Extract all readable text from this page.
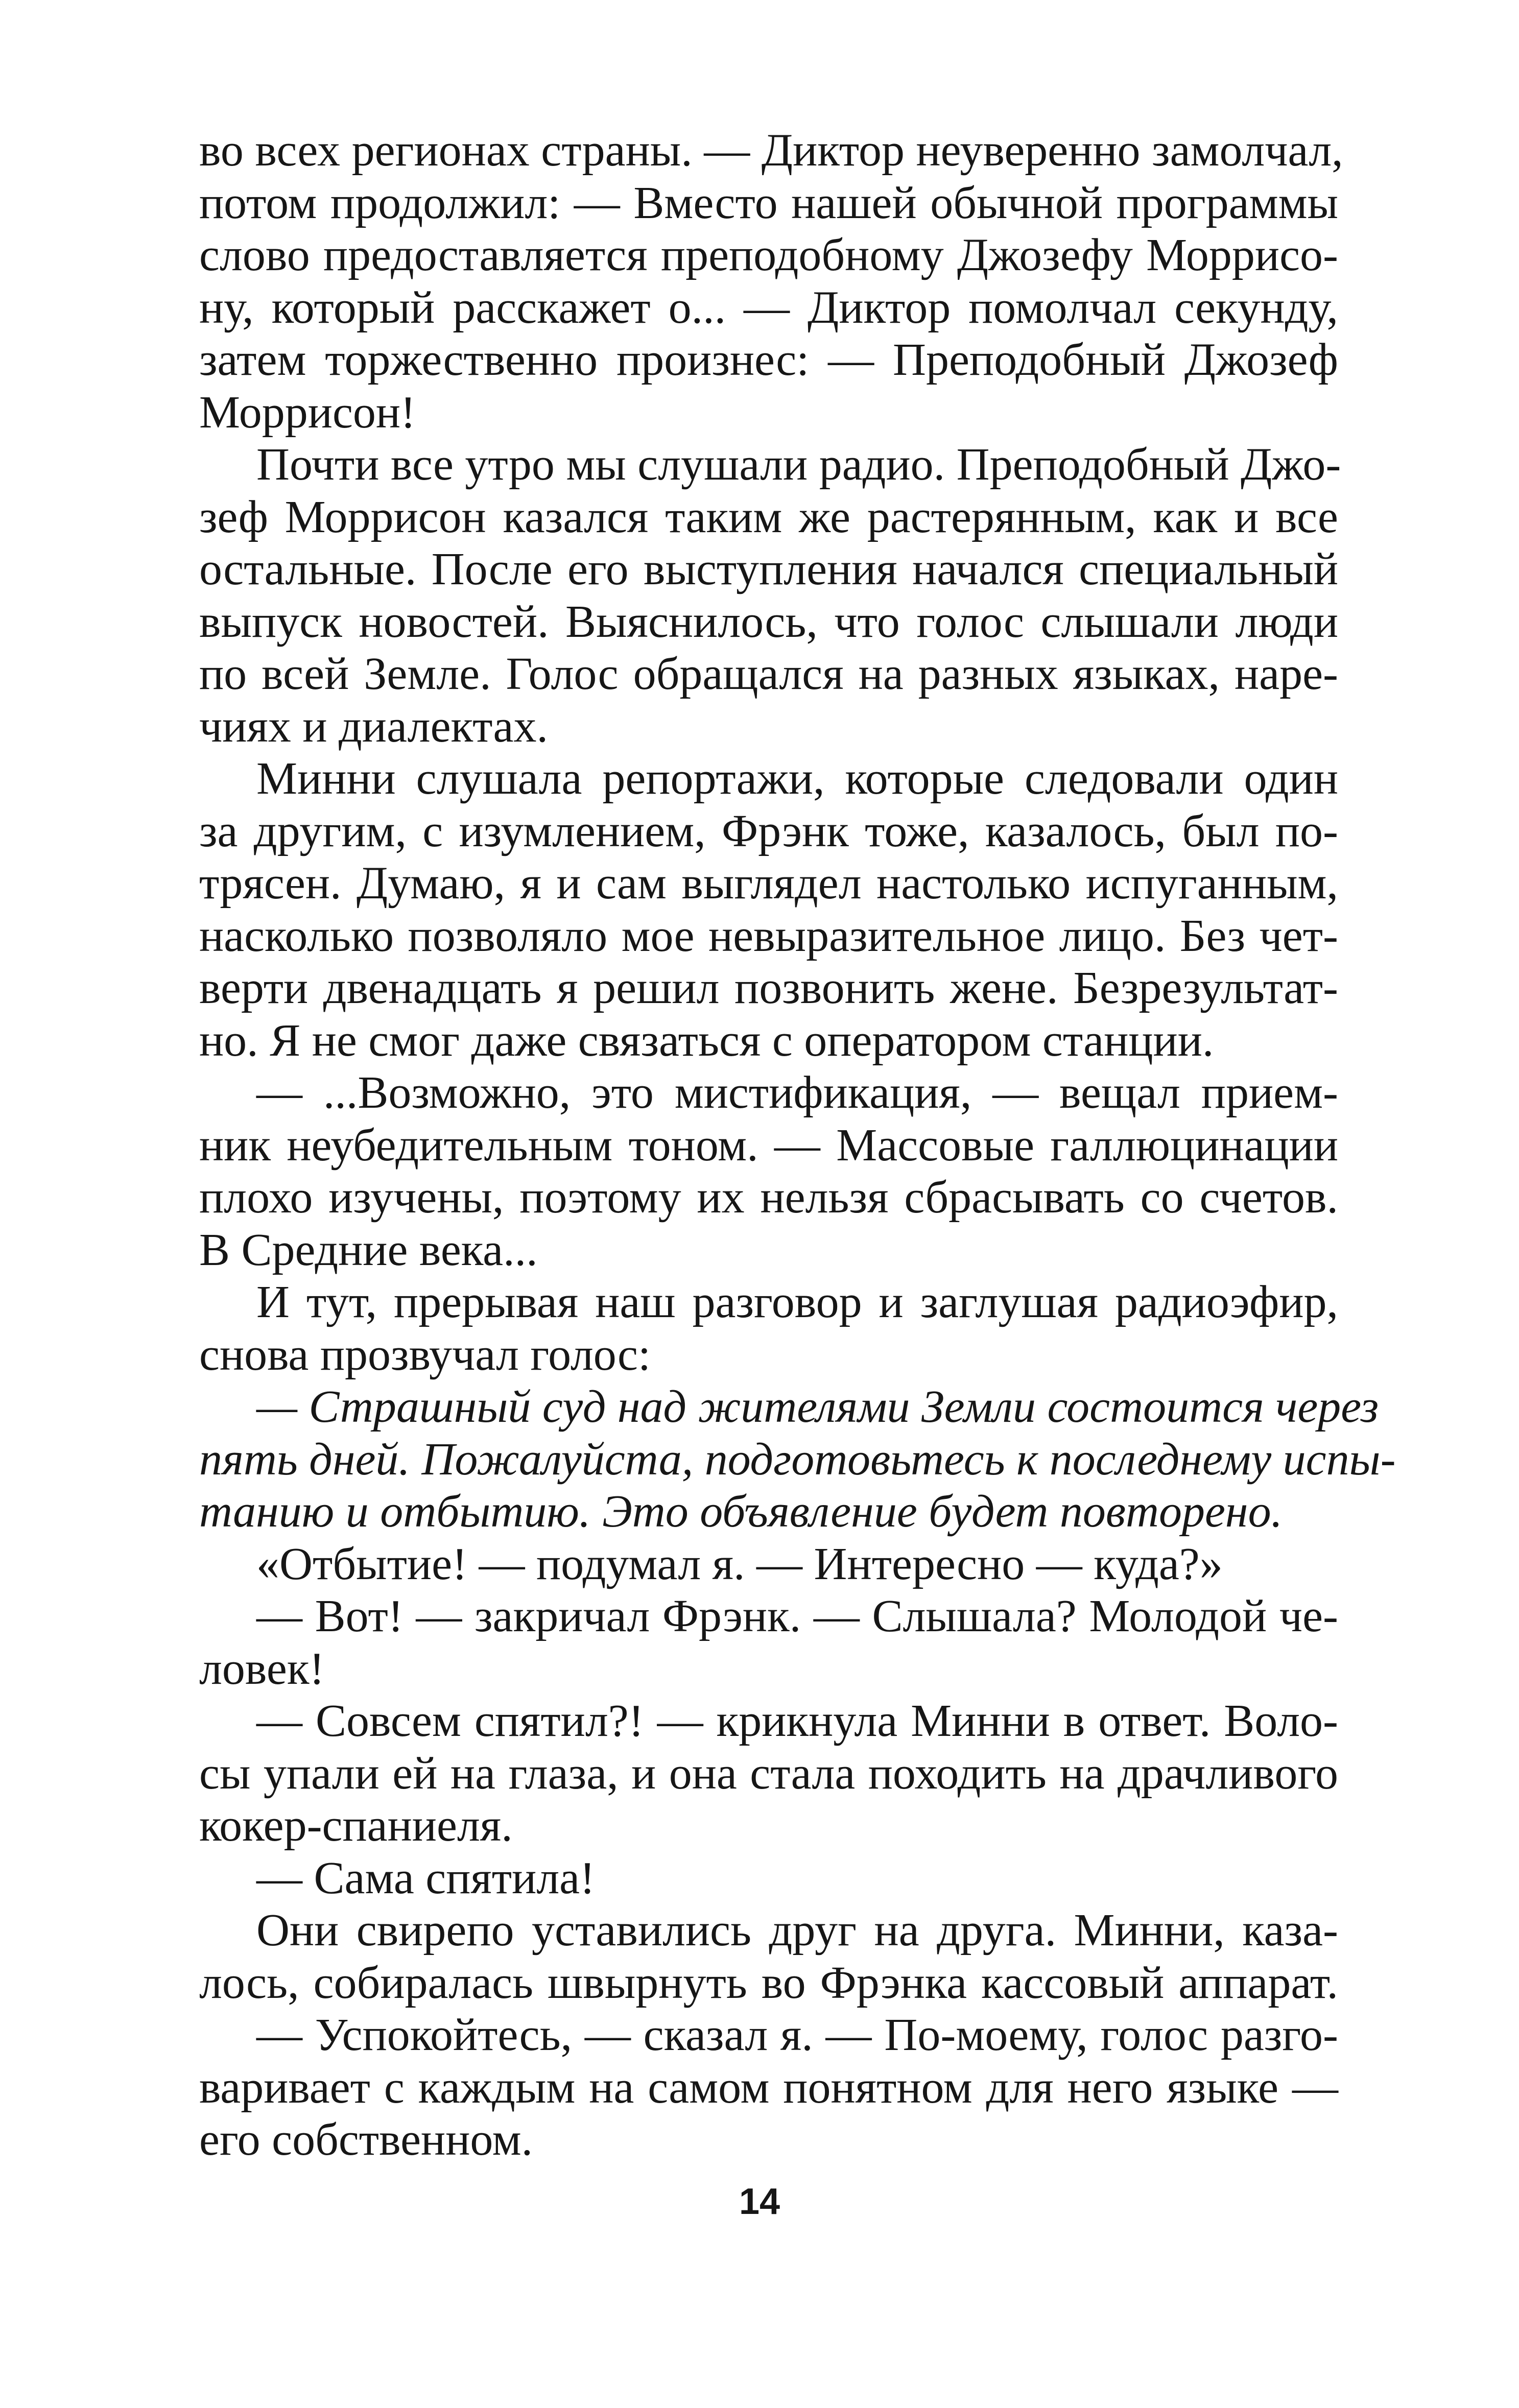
во всех регионах страны. — Диктор неуверенно замолчал,
потом продолжил: — Вместо нашей обычной программы
слово предоставляется преподобному Джозефу Моррисо-
ну, который расскажет о... — Диктор помолчал секунду,
затем торжественно произнес: — Преподобный Джозеф
Моррисон!
Почти все утро мы слушали радио. Преподобный Джо-
зеф Моррисон казался таким же растерянным, как и все
остальные. После его выступления начался специальный
выпуск новостей. Выяснилось, что голос слышали люди
по всей Земле. Голос обращался на разных языках, наре-
чиях и диалектах.
Минни слушала репортажи, которые следовали один
за другим, с изумлением, Фрэнк тоже, казалось, был по-
трясен. Думаю, я и сам выглядел настолько испуганным,
насколько позволяло мое невыразительное лицо. Без чет-
верти двенадцать я решил позвонить жене. Безрезультат-
но. Я не смог даже связаться с оператором станции.
— ...Возможно, это мистификация, — вещал прием-
ник неубедительным тоном. — Массовые галлюцинации
плохо изучены, поэтому их нельзя сбрасывать со счетов.
В Средние века...
И тут, прерывая наш разговор и заглушая радиоэфир,
снова прозвучал голос:
— Страшный суд над жителями Земли состоится через
пять дней. Пожалуйста, подготовьтесь к последнему испы-
танию и отбытию. Это объявление будет повторено.
«Отбытие! — подумал я. — Интересно — куда?»
— Вот! — закричал Фрэнк. — Слышала? Молодой че-
ловек!
— Совсем спятил?! — крикнула Минни в ответ. Воло-
сы упали ей на глаза, и она стала походить на драчливого
кокер-спаниеля.
— Сама спятила!
Они свирепо уставились друг на друга. Минни, каза-
лось, собиралась швырнуть во Фрэнка кассовый аппарат.
— Успокойтесь, — сказал я. — По-моему, голос разго-
варивает с каждым на самом понятном для него языке —
его собственном.
14
